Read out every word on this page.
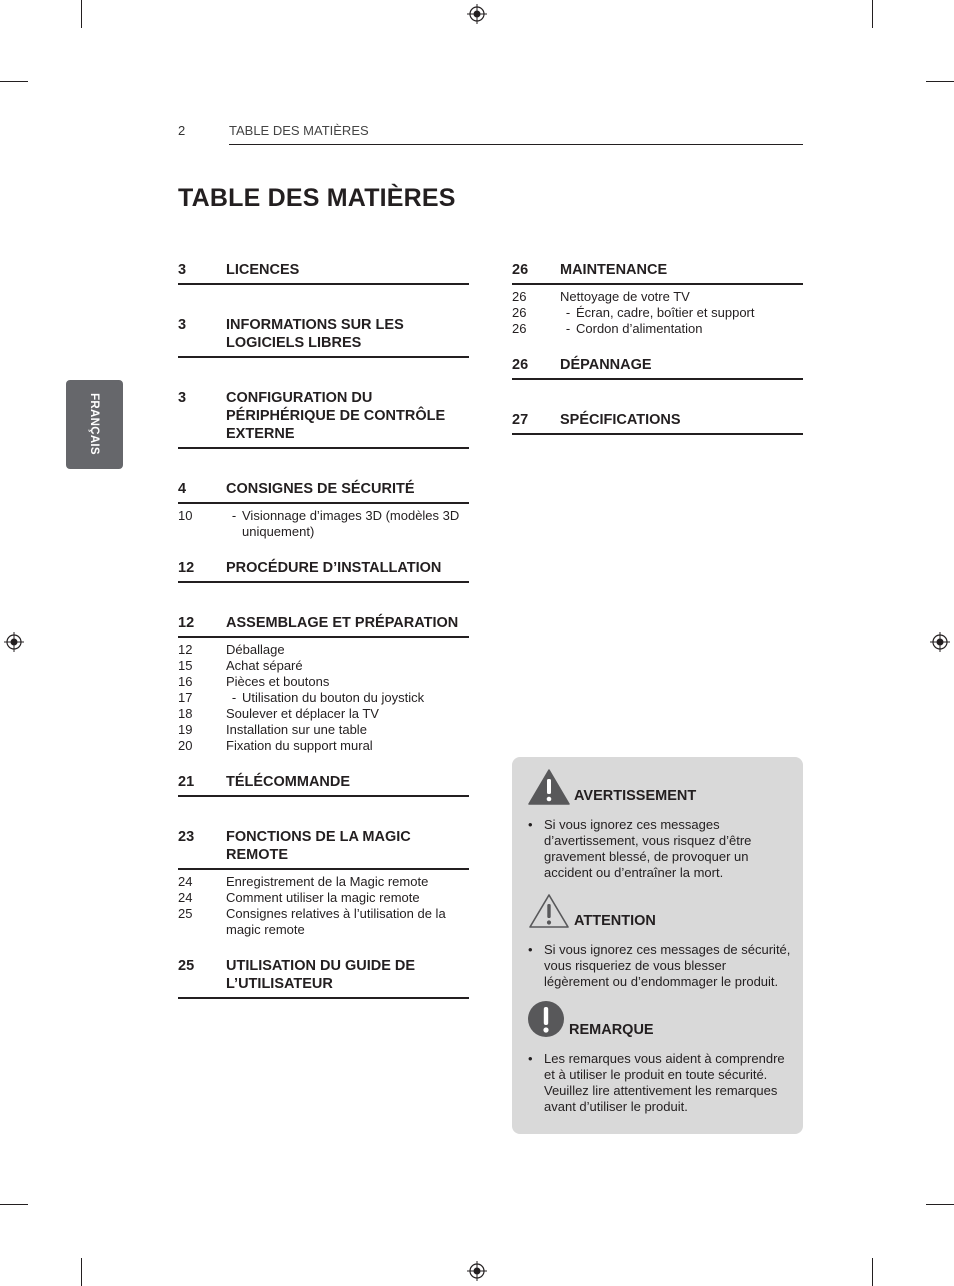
2	TABLE DES MATIÈRES
TABLE DES MATIÈRES
FRANÇAIS
3	LICENCES
3	INFORMATIONS SUR LES LOGICIELS LIBRES
3	CONFIGURATION DU PÉRIPHÉRIQUE DE CONTRÔLE EXTERNE
4	CONSIGNES DE SÉCURITÉ
10	- Visionnage d’images 3D (modèles 3D uniquement)
12	PROCÉDURE D’INSTALLATION
12	ASSEMBLAGE ET PRÉPARATION
12	Déballage
15	Achat séparé
16	Pièces et boutons
17	- Utilisation du bouton du joystick
18	Soulever et déplacer la TV
19	Installation sur une table
20	Fixation du support mural
21	TÉLÉCOMMANDE
23	FONCTIONS DE LA MAGIC REMOTE
24	Enregistrement de la Magic remote
24	Comment utiliser la magic remote
25	Consignes relatives à l’utilisation de la magic remote
25	UTILISATION DU GUIDE DE L’UTILISATEUR
26	MAINTENANCE
26	Nettoyage de votre TV
26	- Écran, cadre, boîtier et support
26	- Cordon d’alimentation
26	DÉPANNAGE
27	SPÉCIFICATIONS
AVERTISSEMENT
• Si vous ignorez ces messages d’avertissement, vous risquez d’être gravement blessé, de provoquer un accident ou d’entraîner la mort.
ATTENTION
• Si vous ignorez ces messages de sécurité, vous risqueriez de vous blesser légèrement ou d’endommager le produit.
REMARQUE
• Les remarques vous aident à comprendre et à utiliser le produit en toute sécurité. Veuillez lire attentivement les remarques avant d’utiliser le produit.
